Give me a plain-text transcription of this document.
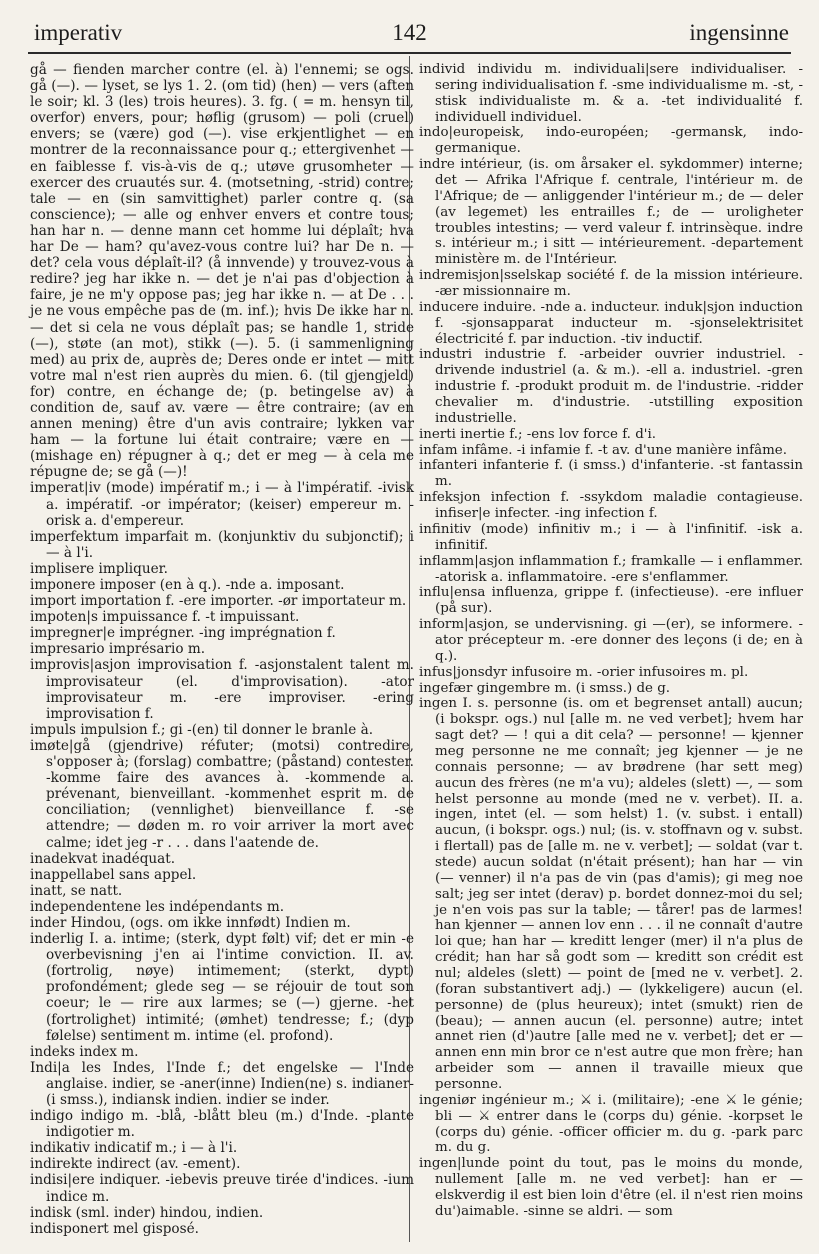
imperativ	142	ingensinne

gå — fienden marcher contre (el. à) l'ennemi; se ogs. gå (—). — lyset, se lys 1. 2. (om tid) (hen) — vers (aften le soir; kl. 3 (les) trois heures). 3. fg. ( = m. hensyn til, overfor) envers, pour; høflig (grusom) — poli (cruel) envers; se (være) god (—). vise erkjentlighet — en montrer de la reconnaissance pour q.; ettergivenhet — en faiblesse f. vis-à-vis de q.; utøve grusomheter — exercer des cruautés sur. 4. (motsetning, -strid) contre; tale — en (sin samvittighet) parler contre q. (sa conscience); — alle og enhver envers et contre tous; han har n. — denne mann cet homme lui déplaît; hva har De — ham? qu'avez-vous contre lui? har De n. — det? cela vous déplaît-il? (å innvende) y trouvez-vous à redire? jeg har ikke n. — det je n'ai pas d'objection à faire, je ne m'y oppose pas; jeg har ikke n. — at De . . . je ne vous empêche pas de (m. inf.); hvis De ikke har n. — det si cela ne vous déplaît pas; se handle 1, stride (—), støte (an mot), stikk (—). 5. (i sammenligning med) au prix de, auprès de; Deres onde er intet — mitt votre mal n'est rien auprès du mien. 6. (til gjengjeld) for) contre, en échange de; (p. betingelse av) à condition de, sauf av. være — être contraire; (av en annen mening) être d'un avis contraire; lykken var ham — la fortune lui était contraire; være en — (mishage en) répugner à q.; det er meg — à cela me répugne de; se gå (—)!

imperat|iv (mode) impératif m.; i — à l'impératif. -ivisk a. impératif. -or impérator; (keiser) empereur m. -orisk a. d'empereur.

imperfektum imparfait m. (konjunktiv du subjonctif); i — à l'i.

implisere impliquer.

imponere imposer (en à q.). -nde a. imposant.

import importation f. -ere importer. -ør importateur m.

impoten|s impuissance f. -t impuissant.

impregner|e imprégner. -ing imprégnation f.

impresario imprésario m.

improvis|asjon improvisation f. -asjonstalent talent m. improvisateur (el. d'improvisation). -ator improvisateur m. -ere improviser. -ering improvisation f.

impuls impulsion f.; gi -(en) til donner le branle à.

imøte|gå (gjendrive) réfuter; (motsi) contredire, s'opposer à; (forslag) combattre; (påstand) contester. -komme faire des avances à. -kommende a. prévenant, bienveillant. -kommenhet esprit m. de conciliation; (vennlighet) bienveillance f. -se attendre; — døden m. ro voir arriver la mort avec calme; idet jeg -r . . . dans l'aatende de.

inadekvat inadéquat.

inappellabel sans appel.

inatt, se natt.

independentene les indépendants m.

inder Hindou, (ogs. om ikke innfødt) Indien m.

inderlig I. a. intime; (sterk, dypt følt) vif; det er min -e overbevisning j'en ai l'intime conviction. II. av. (fortrolig, nøye) intimement; (sterkt, dypt) profondément; glede seg — se réjouir de tout son coeur; le — rire aux larmes; se (—) gjerne. -het (fortrolighet) intimité; (ømhet) tendresse; f.; (dyp følelse) sentiment m. intime (el. profond).

indeks index m.

Indi|a les Indes, l'Inde f.; det engelske — l'Inde anglaise. indier, se -aner(inne) Indien(ne) s. indianer- (i smss.), indiansk indien. indier se inder.

indigo indigo m. -blå, -blått bleu (m.) d'Inde. -plante indigotier m.

indikativ indicatif m.; i — à l'i.

indirekte indirect (av. -ement).

indisi|ere indiquer. -iebevis preuve tirée d'indices. -ium indice m.

indisk (sml. inder) hindou, indien.

indisponert mel gisposé.

individ individu m. individuali|sere individualiser. -sering individualisation f. -sme individualisme m. -st, -stisk individualiste m. & a. -tet individualité f. individuell individuel.

indo|europeisk, indo-européen; -germansk, indo-germanique.

indre intérieur, (is. om årsaker el. sykdommer) interne; det — Afrika l'Afrique f. centrale, l'intérieur m. de l'Afrique; de — anliggender l'intérieur m.; de — deler (av legemet) les entrailles f.; de — uroligheter troubles intestins; — verd valeur f. intrinsèque. indre s. intérieur m.; i sitt — intérieurement. -departement ministère m. de l'Intérieur.

indremisjon|sselskap société f. de la mission intérieure. -ær missionnaire m.

inducere induire. -nde a. inducteur. induk|sjon induction f. -sjonsapparat inducteur m. -sjonselektrisitet électricité f. par induction. -tiv inductif.

industri industrie f. -arbeider ouvrier industriel. -drivende industriel (a. & m.). -ell a. industriel. -gren industrie f. -produkt produit m. de l'industrie. -ridder chevalier m. d'industrie. -utstilling exposition industrielle.

inerti inertie f.; -ens lov force f. d'i.

infam infâme. -i infamie f. -t av. d'une manière infâme.

infanteri infanterie f. (i smss.) d'infanterie. -st fantassin m.

infeksjon infection f. -ssykdom maladie contagieuse. infiser|e infecter. -ing infection f.

infinitiv (mode) infinitiv m.; i — à l'infinitif. -isk a. infinitif.

inflamm|asjon inflammation f.; framkalle — i enflammer. -atorisk a. inflammatoire. -ere s'enflammer.

influ|ensa influenza, grippe f. (infectieuse). -ere influer (på sur).

inform|asjon, se undervisning. gi —(er), se informere. -ator précepteur m. -ere donner des leçons (i de; en à q.).

infus|jonsdyr infusoire m. -orier infusoires m. pl.

ingefær gingembre m. (i smss.) de g.

ingen I. s. personne (is. om et begrenset antall) aucun; (i bokspr. ogs.) nul [alle m. ne ved verbet]; hvem har sagt det? — ! qui a dit cela? — personne! — kjenner meg personne ne me connaît; jeg kjenner — je ne connais personne; — av brødrene (har sett meg) aucun des frères (ne m'a vu); aldeles (slett) —, — som helst personne au monde (med ne v. verbet). II. a. ingen, intet (el. — som helst) 1. (v. subst. i entall) aucun, (i bokspr. ogs.) nul; (is. v. stoffnavn og v. subst. i flertall) pas de [alle m. ne v. verbet]; — soldat (var t. stede) aucun soldat (n'était présent); han har — vin (— venner) il n'a pas de vin (pas d'amis); gi meg noe salt; jeg ser intet (derav) p. bordet donnez-moi du sel; je n'en vois pas sur la table; — tårer! pas de larmes! han kjenner — annen lov enn . . . il ne connaît d'autre loi que; han har — kreditt lenger (mer) il n'a plus de crédit; han har så godt som — kreditt son crédit est nul; aldeles (slett) — point de [med ne v. verbet]. 2. (foran substantivert adj.) — (lykkeligere) aucun (el. personne) de (plus heureux); intet (smukt) rien de (beau); — annen aucun (el. personne) autre; intet annet rien (d')autre [alle med ne v. verbet]; det er — annen enn min bror ce n'est autre que mon frère; han arbeider som — annen il travaille mieux que personne.

ingeniør ingénieur m.; ⚔ i. (militaire); -ene ⚔ le génie; bli — ⚔ entrer dans le (corps du) génie. -korpset le (corps du) génie. -officer officier m. du g. -park parc m. du g.

ingen|lunde point du tout, pas le moins du monde, nullement [alle m. ne ved verbet]: han er — elskverdig il est bien loin d'être (el. il n'est rien moins du')aimable. -sinne se aldri. — som
